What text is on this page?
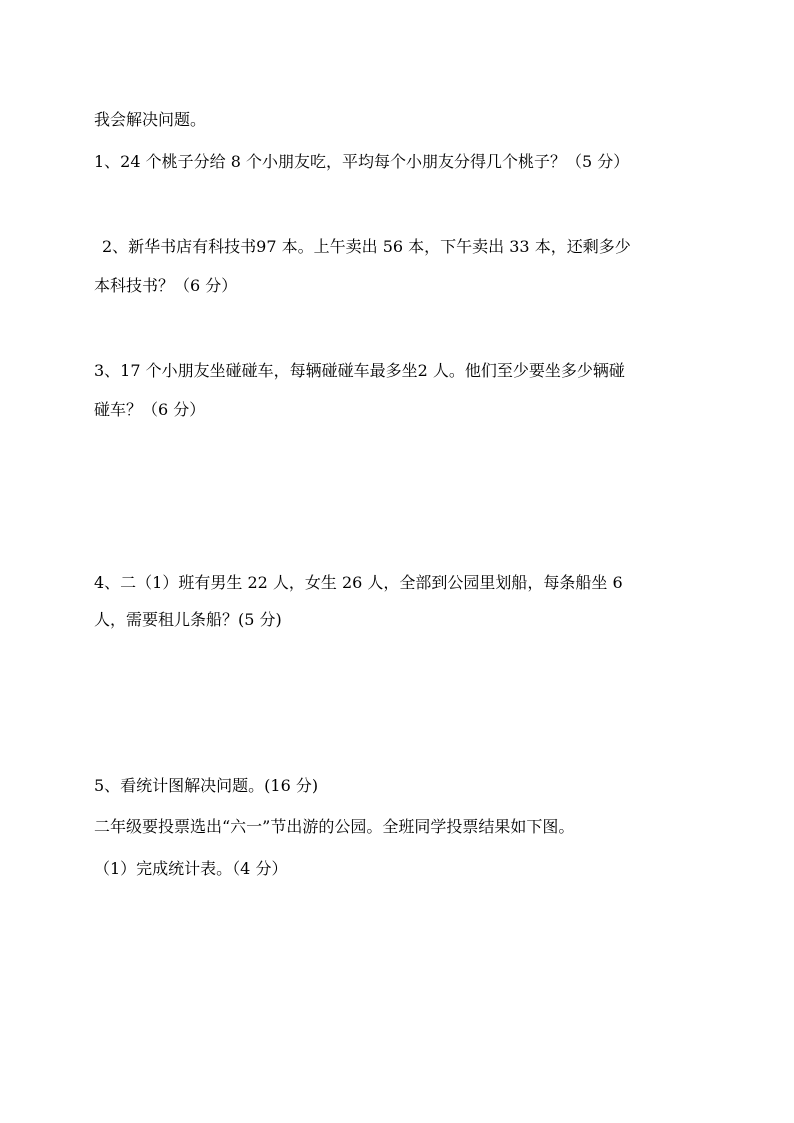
我会解决问题。
1、24 个桃子分给 8 个小朋友吃，平均每个小朋友分得几个桃子？（5 分）
2、新华书店有科技书97 本。上午卖出 56 本，下午卖出 33 本，还剩多少
本科技书？（6 分）
3、17 个小朋友坐碰碰车，每辆碰碰车最多坐2 人。他们至少要坐多少辆碰
碰车？（6 分）
4、二（1）班有男生 22 人，女生 26 人，全部到公园里划船，每条船坐 6
人，需要租儿条船？(5 分)
5、看统计图解决问题。(16 分)
二年级要投票选出“六一”节出游的公园。全班同学投票结果如下图。
（1）完成统计表。（4 分）
